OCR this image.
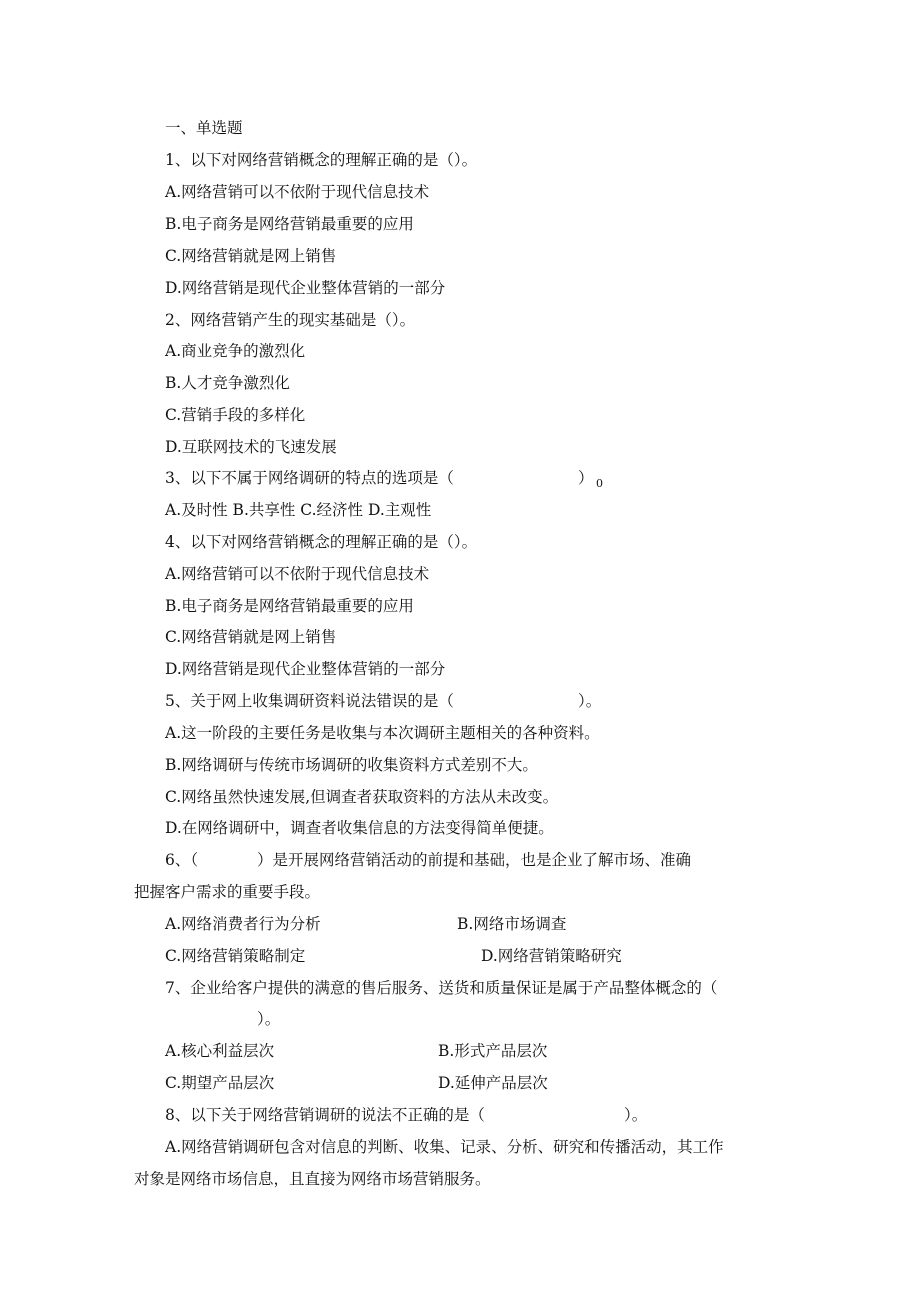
一、单选题
1、以下对网络营销概念的理解正确的是（）。
A.网络营销可以不依附于现代信息技术
B.电子商务是网络营销最重要的应用
C.网络营销就是网上销售
D.网络营销是现代企业整体营销的一部分
2、网络营销产生的现实基础是（）。
A.商业竞争的激烈化
B.人才竞争激烈化
C.营销手段的多样化
D.互联网技术的飞速发展
3、以下不属于网络调研的特点的选项是（	） 0
A.及时性 B.共享性 C.经济性 D.主观性
4、以下对网络营销概念的理解正确的是（）。
A.网络营销可以不依附于现代信息技术
B.电子商务是网络营销最重要的应用
C.网络营销就是网上销售
D.网络营销是现代企业整体营销的一部分
5、关于网上收集调研资料说法错误的是（	）。
A.这一阶段的主要任务是收集与本次调研主题相关的各种资料。
B.网络调研与传统市场调研的收集资料方式差别不大。
C.网络虽然快速发展,但调查者获取资料的方法从未改变。
D.在网络调研中，调查者收集信息的方法变得简单便捷。
6、（	）是开展网络营销活动的前提和基础，也是企业了解市场、准确
把握客户需求的重要手段。
A.网络消费者行为分析	B.网络市场调查
C.网络营销策略制定	D.网络营销策略研究
7、企业给客户提供的满意的售后服务、送货和质量保证是属于产品整体概念的（
）。
A.核心利益层次	B.形式产品层次
C.期望产品层次	D.延伸产品层次
8、以下关于网络营销调研的说法不正确的是（	）。
A.网络营销调研包含对信息的判断、收集、记录、分析、研究和传播活动，其工作
对象是网络市场信息，且直接为网络市场营销服务。
